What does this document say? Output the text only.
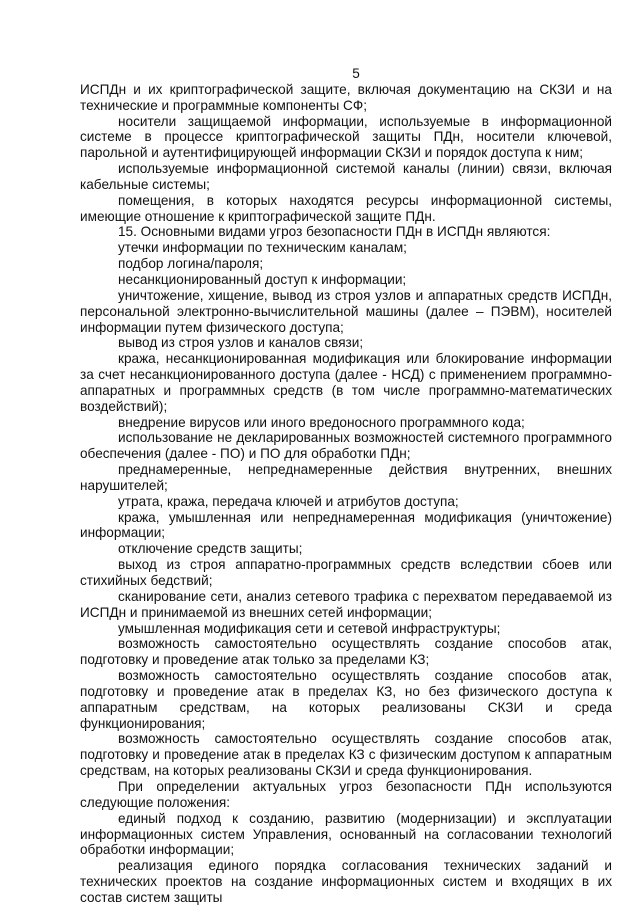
5

ИСПДн и их криптографической защите, включая документацию на СКЗИ и на технические и программные компоненты СФ;

носители защищаемой информации, используемые в информационной системе в процессе криптографической защиты ПДн, носители ключевой, парольной и аутентифицирующей информации СКЗИ и порядок доступа к ним;

используемые информационной системой каналы (линии) связи, включая кабельные системы;

помещения, в которых находятся ресурсы информационной системы, имеющие отношение к криптографической защите ПДн.

15. Основными видами угроз безопасности ПДн в ИСПДн являются:

утечки информации по техническим каналам;

подбор логина/пароля;

несанкционированный доступ к информации;

уничтожение, хищение, вывод из строя узлов и аппаратных средств ИСПДн, персональной электронно-вычислительной машины (далее – ПЭВМ), носителей информации путем физического доступа;

вывод из строя узлов и каналов связи;

кража, несанкционированная модификация или блокирование информации за счет несанкционированного доступа (далее - НСД) с применением программно-аппаратных и программных средств (в том числе программно-математических воздействий);

внедрение вирусов или иного вредоносного программного кода;

использование не декларированных возможностей системного программного обеспечения (далее - ПО) и ПО для обработки ПДн;

преднамеренные, непреднамеренные действия внутренних, внешних нарушителей;

утрата, кража, передача ключей и атрибутов доступа;

кража, умышленная или непреднамеренная модификация (уничтожение) информации;

отключение средств защиты;

выход из строя аппаратно-программных средств вследствии сбоев или стихийных бедствий;

сканирование сети, анализ сетевого трафика с перехватом передаваемой из ИСПДн и принимаемой из внешних сетей информации;

умышленная модификация сети и сетевой инфраструктуры;

возможность самостоятельно осуществлять создание способов атак, подготовку и проведение атак только за пределами КЗ;

возможность самостоятельно осуществлять создание способов атак, подготовку и проведение атак в пределах КЗ, но без физического доступа к аппаратным средствам, на которых реализованы СКЗИ и среда функционирования;

возможность самостоятельно осуществлять создание способов атак, подготовку и проведение атак в пределах КЗ с физическим доступом к аппаратным средствам, на которых реализованы СКЗИ и среда функционирования.

При определении актуальных угроз безопасности ПДн используются следующие положения:

единый подход к созданию, развитию (модернизации) и эксплуатации информационных систем Управления, основанный на согласовании технологий обработки информации;

реализация единого порядка согласования технических заданий и технических проектов на создание информационных систем и входящих в их состав систем защиты
